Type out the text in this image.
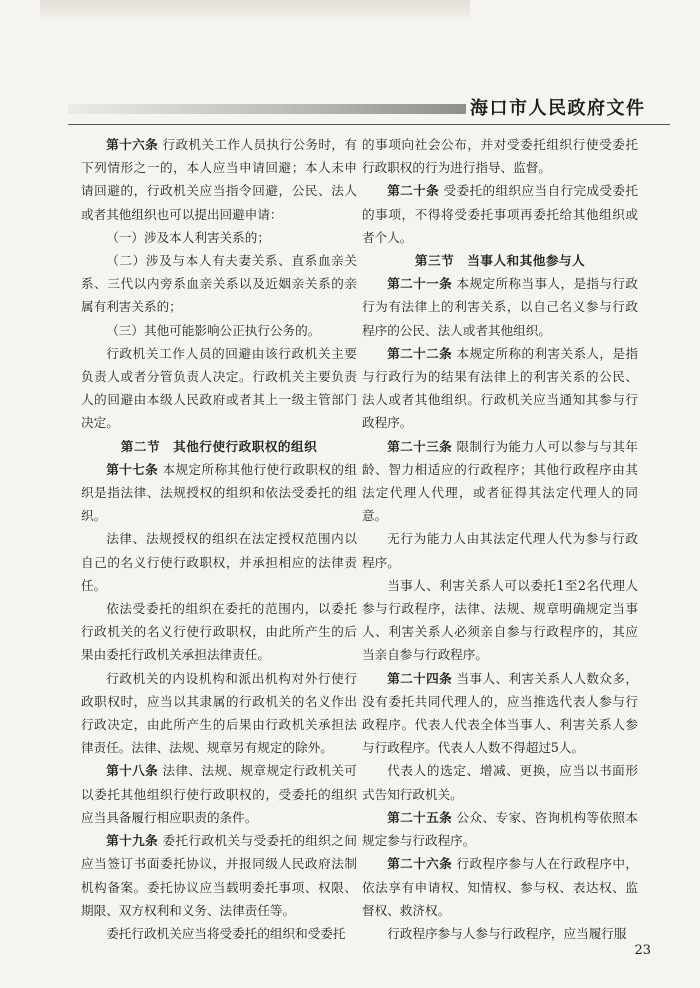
海口市人民政府文件

第十六条 行政机关工作人员执行公务时，有下列情形之一的，本人应当申请回避；本人未申请回避的，行政机关应当指令回避，公民、法人或者其他组织也可以提出回避申请：

（一）涉及本人利害关系的；

（二）涉及与本人有夫妻关系、直系血亲关系、三代以内旁系血亲关系以及近姻亲关系的亲属有利害关系的；

（三）其他可能影响公正执行公务的。

行政机关工作人员的回避由该行政机关主要负责人或者分管负责人决定。行政机关主要负责人的回避由本级人民政府或者其上一级主管部门决定。

第二节　其他行使行政职权的组织

第十七条 本规定所称其他行使行政职权的组织是指法律、法规授权的组织和依法受委托的组织。

法律、法规授权的组织在法定授权范围内以自己的名义行使行政职权，并承担相应的法律责任。

依法受委托的组织在委托的范围内，以委托行政机关的名义行使行政职权，由此所产生的后果由委托行政机关承担法律责任。

行政机关的内设机构和派出机构对外行使行政职权时，应当以其隶属的行政机关的名义作出行政决定，由此所产生的后果由行政机关承担法律责任。法律、法规、规章另有规定的除外。

第十八条 法律、法规、规章规定行政机关可以委托其他组织行使行政职权的，受委托的组织应当具备履行相应职责的条件。

第十九条 委托行政机关与受委托的组织之间应当签订书面委托协议，并报同级人民政府法制机构备案。委托协议应当载明委托事项、权限、期限、双方权利和义务、法律责任等。

委托行政机关应当将受委托的组织和受委托

的事项向社会公布，并对受委托组织行使受委托行政职权的行为进行指导、监督。

第二十条 受委托的组织应当自行完成受委托的事项，不得将受委托事项再委托给其他组织或者个人。

第三节　当事人和其他参与人

第二十一条 本规定所称当事人，是指与行政行为有法律上的利害关系，以自己名义参与行政程序的公民、法人或者其他组织。

第二十二条 本规定所称的利害关系人，是指与行政行为的结果有法律上的利害关系的公民、法人或者其他组织。行政机关应当通知其参与行政程序。

第二十三条 限制行为能力人可以参与与其年龄、智力相适应的行政程序；其他行政程序由其法定代理人代理，或者征得其法定代理人的同意。

无行为能力人由其法定代理人代为参与行政程序。

当事人、利害关系人可以委托1至2名代理人参与行政程序，法律、法规、规章明确规定当事人、利害关系人必须亲自参与行政程序的，其应当亲自参与行政程序。

第二十四条 当事人、利害关系人人数众多，没有委托共同代理人的，应当推选代表人参与行政程序。代表人代表全体当事人、利害关系人参与行政程序。代表人人数不得超过5人。

代表人的选定、增减、更换，应当以书面形式告知行政机关。

第二十五条 公众、专家、咨询机构等依照本规定参与行政程序。

第二十六条 行政程序参与人在行政程序中，依法享有申请权、知情权、参与权、表达权、监督权、救济权。

行政程序参与人参与行政程序，应当履行服

23
